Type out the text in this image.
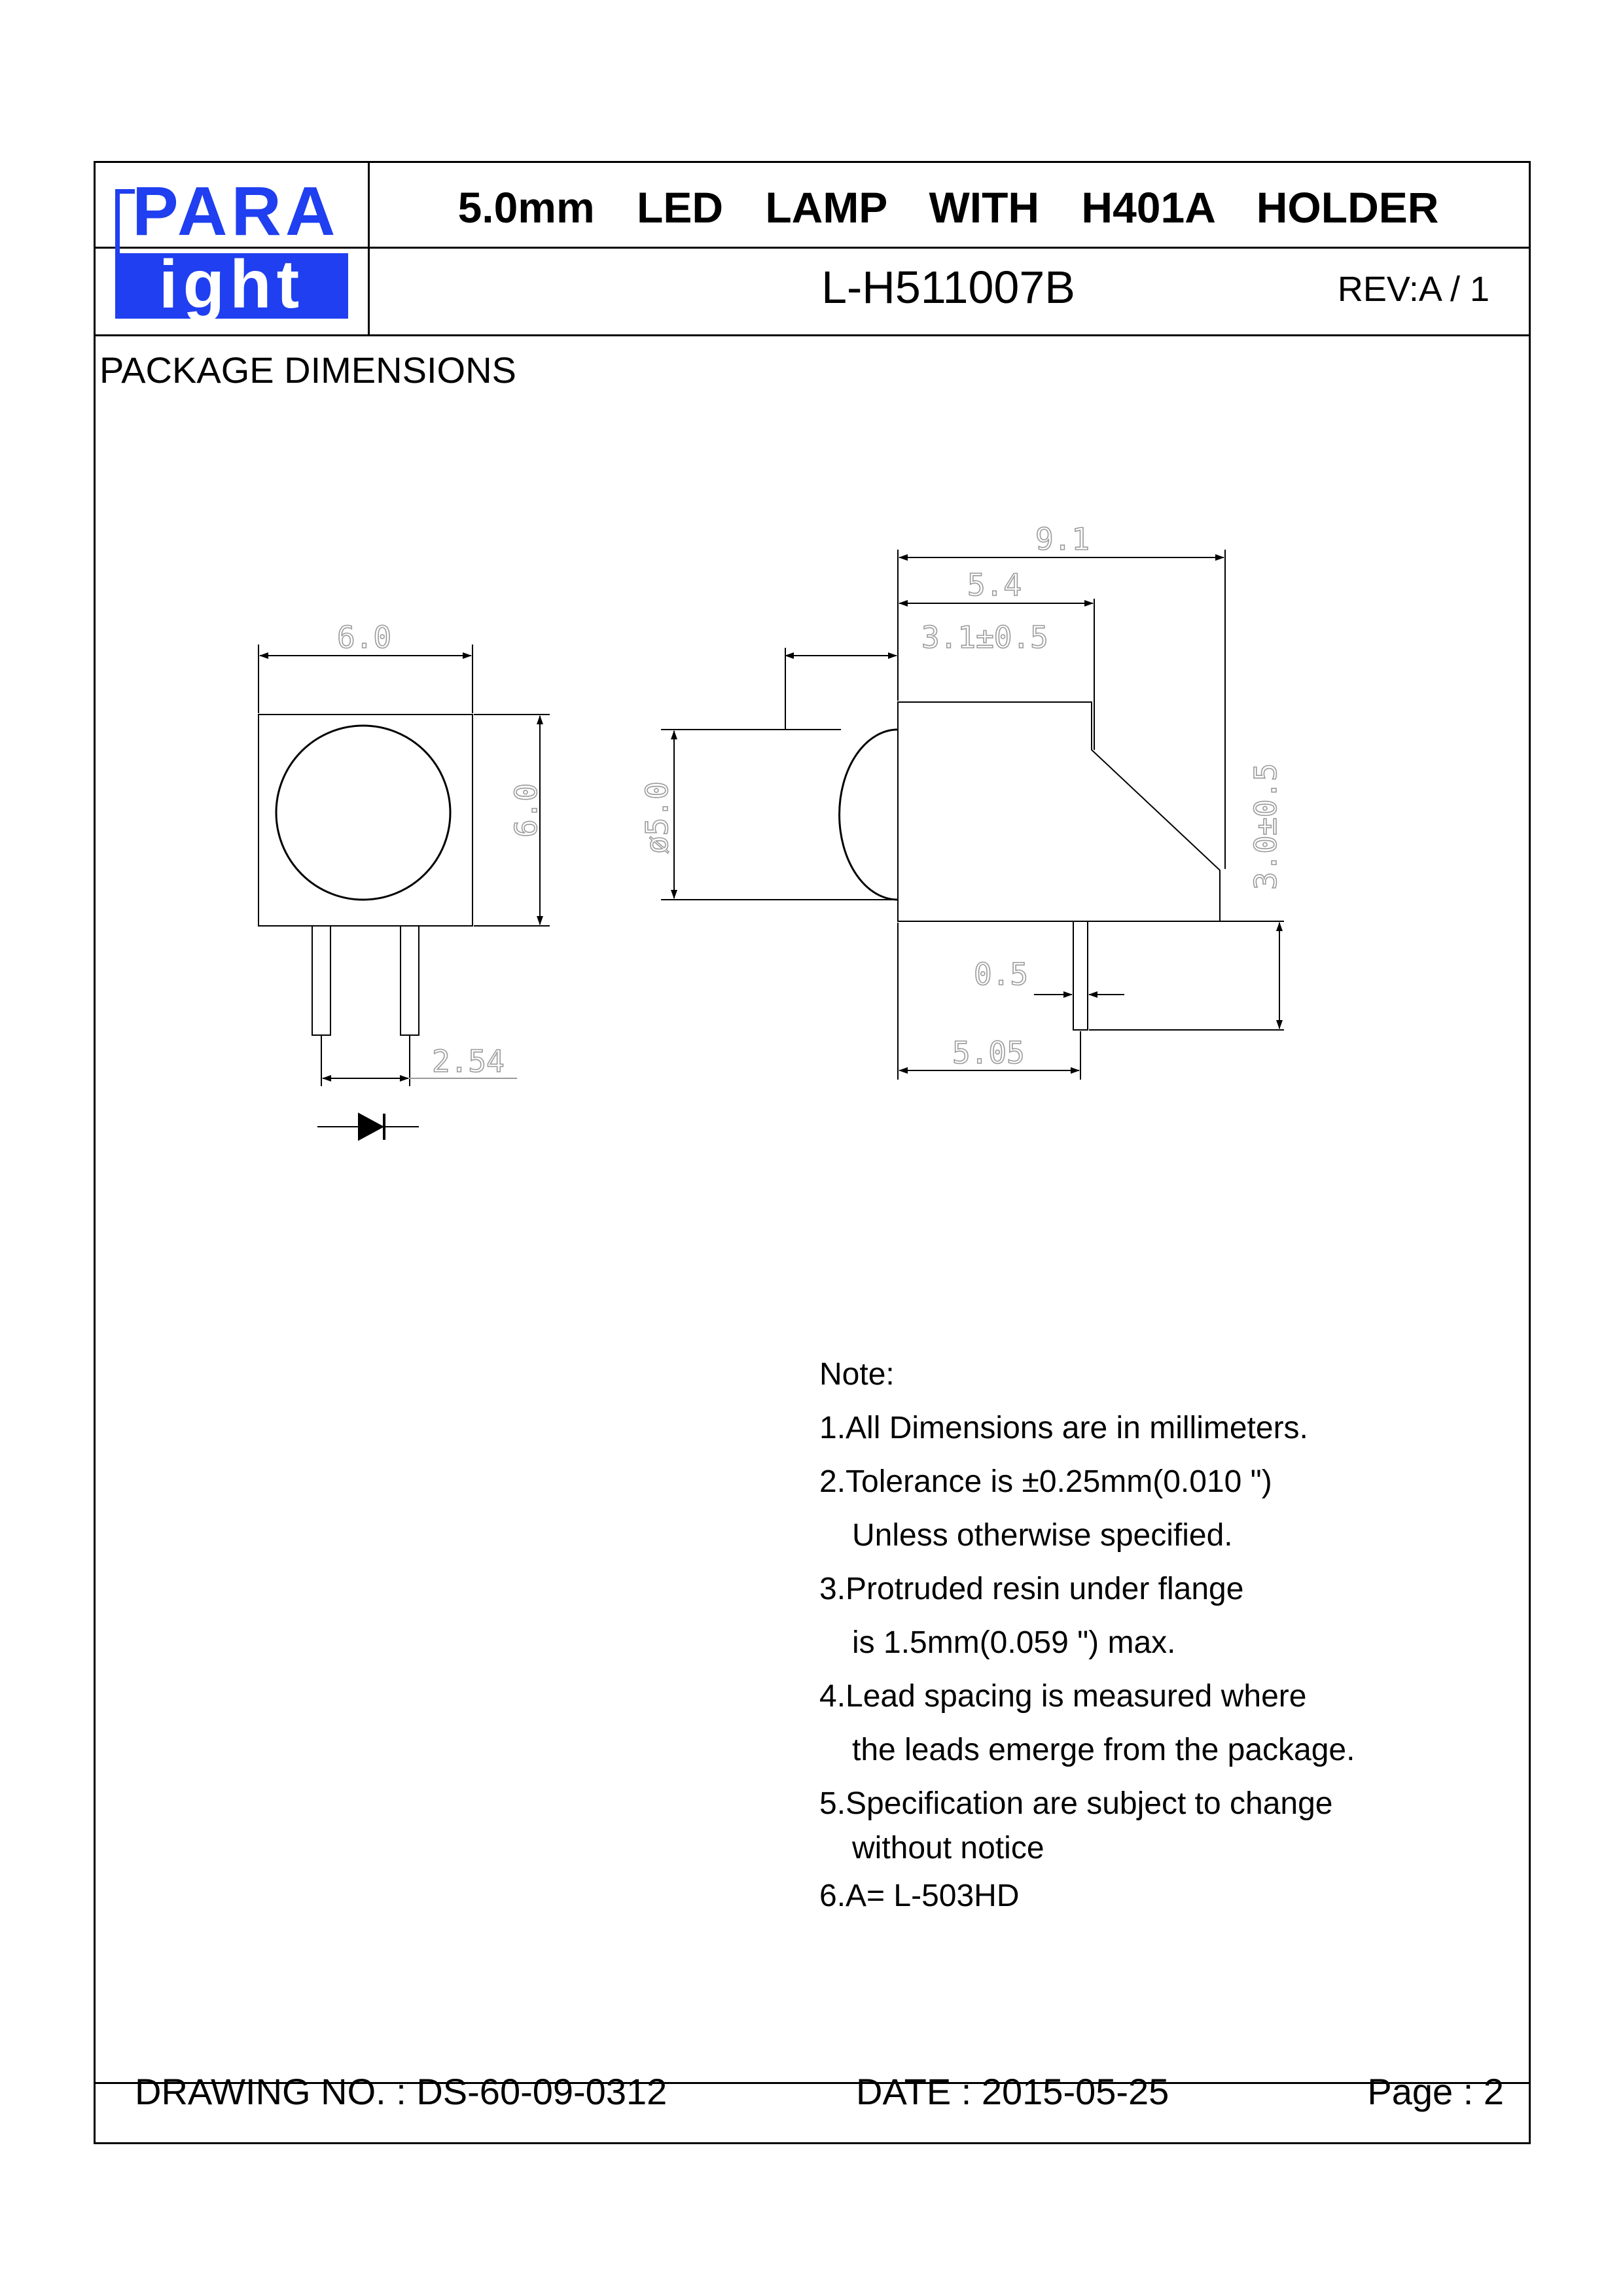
PARA
ight
5.0mm LED LAMP WITH H401A HOLDER
L-H511007B	REV:A / 1
PACKAGE DIMENSIONS
DRAWING NO. : DS-60-09-0312	DATE : 2015-05-25	Page : 2
6.0
6.0
2.54
9.1
5.4
3.1±0.5
ø5.0	3.0±0.5
0.5
5.05
Note:
1.All Dimensions are in millimeters.
2.Tolerance is ±0.25mm(0.010 ")
Unless otherwise specified.
3.Protruded resin under flange
is 1.5mm(0.059 ") max.
4.Lead spacing is measured where
the leads emerge from the package.
5.Specification are subject to change
without notice
6.A= L-503HD
